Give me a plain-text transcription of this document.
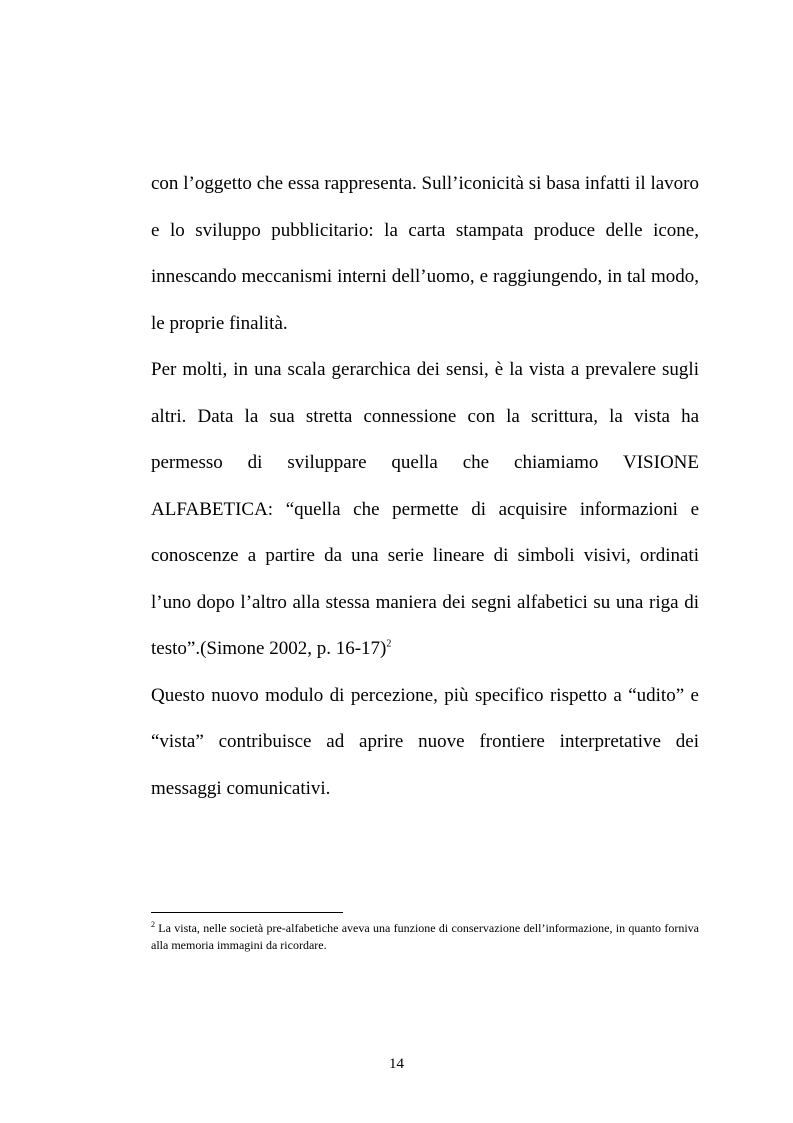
con l’oggetto che essa rappresenta. Sull’iconicità si basa infatti il lavoro e lo sviluppo pubblicitario: la carta stampata produce delle icone, innescando meccanismi interni dell’uomo, e raggiungendo, in tal modo, le proprie finalità.

Per molti, in una scala gerarchica dei sensi, è la vista a prevalere sugli altri. Data la sua stretta connessione con la scrittura, la vista ha permesso di sviluppare quella che chiamiamo VISIONE ALFABETICA: “quella che permette di acquisire informazioni e conoscenze a partire da una serie lineare di simboli visivi, ordinati l’uno dopo l’altro alla stessa maniera dei segni alfabetici su una riga di testo”.(Simone 2002, p. 16-17)$^2$

Questo nuovo modulo di percezione, più specifico rispetto a “udito” e “vista” contribuisce ad aprire nuove frontiere interpretative dei messaggi comunicativi.

$^2$ La vista, nelle società pre-alfabetiche aveva una funzione di conservazione dell’informazione, in quanto forniva alla memoria immagini da ricordare.

14
